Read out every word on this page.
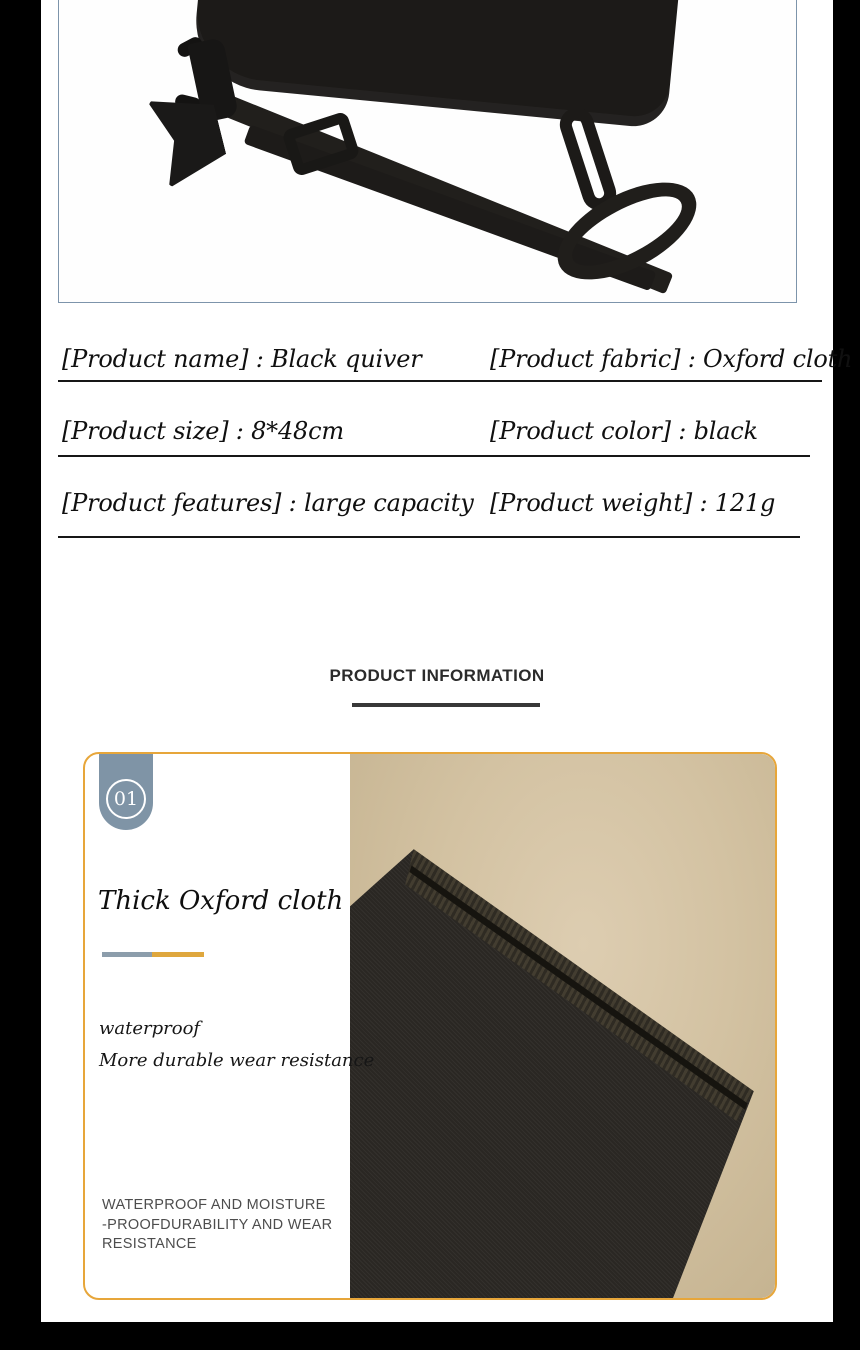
[Product name] : Black quiver	[Product fabric] : Oxford cloth
[Product size] : 8*48cm	[Product color] : black
[Product features] : large capacity [Product weight] : 121g
PRODUCT INFORMATION
01
Thick Oxford cloth
waterproof
More durable wear resistance
WATERPROOF AND MOISTURE
-PROOFDURABILITY AND WEAR
RESISTANCE
